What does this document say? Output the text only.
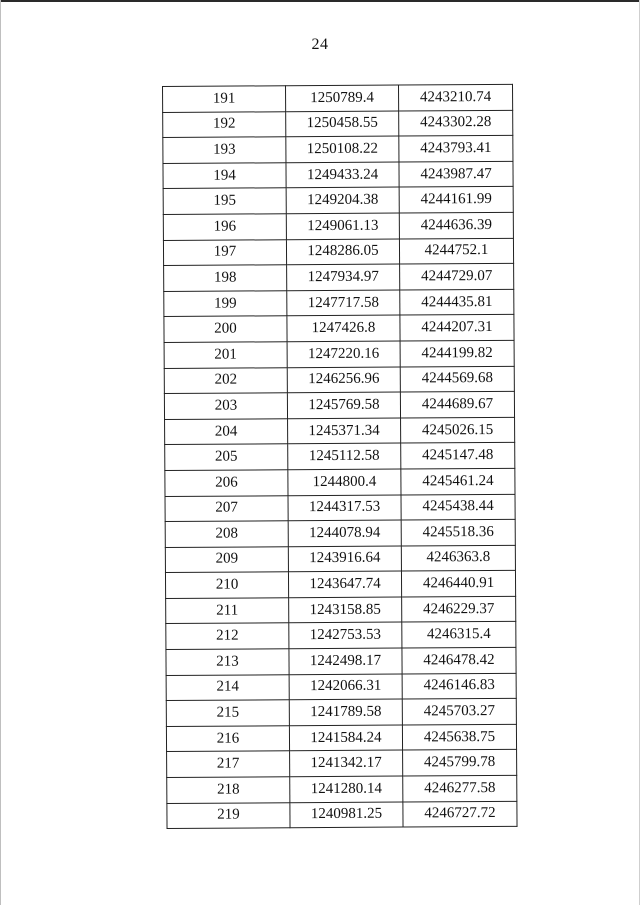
24
191	1250789.4	4243210.74
192	1250458.55	4243302.28
193	1250108.22	4243793.41
194	1249433.24	4243987.47
195	1249204.38	4244161.99
196	1249061.13	4244636.39
197	1248286.05	4244752.1
198	1247934.97	4244729.07
199	1247717.58	4244435.81
200	1247426.8	4244207.31
201	1247220.16	4244199.82
202	1246256.96	4244569.68
203	1245769.58	4244689.67
204	1245371.34	4245026.15
205	1245112.58	4245147.48
206	1244800.4	4245461.24
207	1244317.53	4245438.44
208	1244078.94	4245518.36
209	1243916.64	4246363.8
210	1243647.74	4246440.91
211	1243158.85	4246229.37
212	1242753.53	4246315.4
213	1242498.17	4246478.42
214	1242066.31	4246146.83
215	1241789.58	4245703.27
216	1241584.24	4245638.75
217	1241342.17	4245799.78
218	1241280.14	4246277.58
219	1240981.25	4246727.72
